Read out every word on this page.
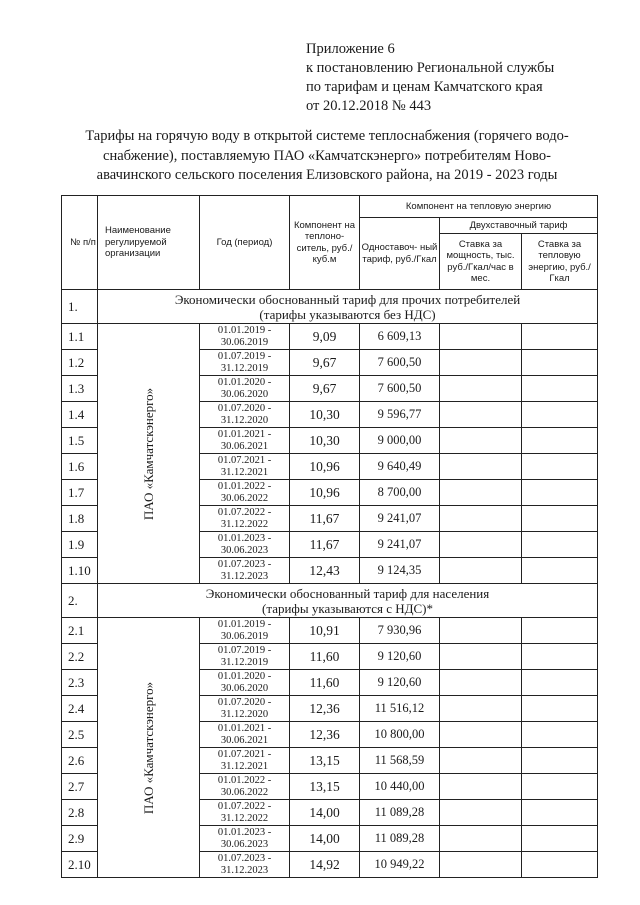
Приложение 6
к постановлению Региональной службы
по тарифам и ценам Камчатского края
от 20.12.2018 № 443
Тарифы на горячую воду в открытой системе теплоснабжения (горячего водо-
снабжение), поставляемую ПАО «Камчатскэнерго» потребителям Ново-
авачинского сельского поселения Елизовского района, на 2019 - 2023 годы
№ п/п	Наименование регулируемой организации	Год (период)	Компонент на теплоно- ситель, руб./куб.м	Компонент на тепловую энергию		
				Одноставоч- ный тариф, руб./Гкал	Двухставочный тариф	
					Ставка за мощность, тыс. руб./Гкал/час в мес.	Ставка за тепловую энергию, руб./Гкал
1.	Экономически обоснованный тариф для прочих потребителей
(тарифы указываются без НДС)					

1.1	ПАО «Камчатскэнерго»	01.01.2019 -
30.06.2019	9,09	6 609,13		
1.2		01.07.2019 -
31.12.2019	9,67	7 600,50		
1.3		01.01.2020 -
30.06.2020	9,67	7 600,50		
1.4		01.07.2020 -
31.12.2020	10,30	9 596,77		
1.5		01.01.2021 -
30.06.2021	10,30	9 000,00		
1.6		01.07.2021 -
31.12.2021	10,96	9 640,49		
1.7		01.01.2022 -
30.06.2022	10,96	8 700,00		
1.8		01.07.2022 -
31.12.2022	11,67	9 241,07		
1.9		01.01.2023 -
30.06.2023	11,67	9 241,07		
1.10		01.07.2023 -
31.12.2023	12,43	9 124,35		
2.	Экономически обоснованный тариф для населения
(тарифы указываются с НДС)*					

2.1	ПАО «Камчатскэнерго»	01.01.2019 -
30.06.2019	10,91	7 930,96		
2.2		01.07.2019 -
31.12.2019	11,60	9 120,60		
2.3		01.01.2020 -
30.06.2020	11,60	9 120,60		
2.4		01.07.2020 -
31.12.2020	12,36	11 516,12		
2.5		01.01.2021 -
30.06.2021	12,36	10 800,00		
2.6		01.07.2021 -
31.12.2021	13,15	11 568,59		
2.7		01.01.2022 -
30.06.2022	13,15	10 440,00		
2.8		01.07.2022 -
31.12.2022	14,00	11 089,28		
2.9		01.01.2023 -
30.06.2023	14,00	11 089,28		
2.10		01.07.2023 -
31.12.2023	14,92	10 949,22		
